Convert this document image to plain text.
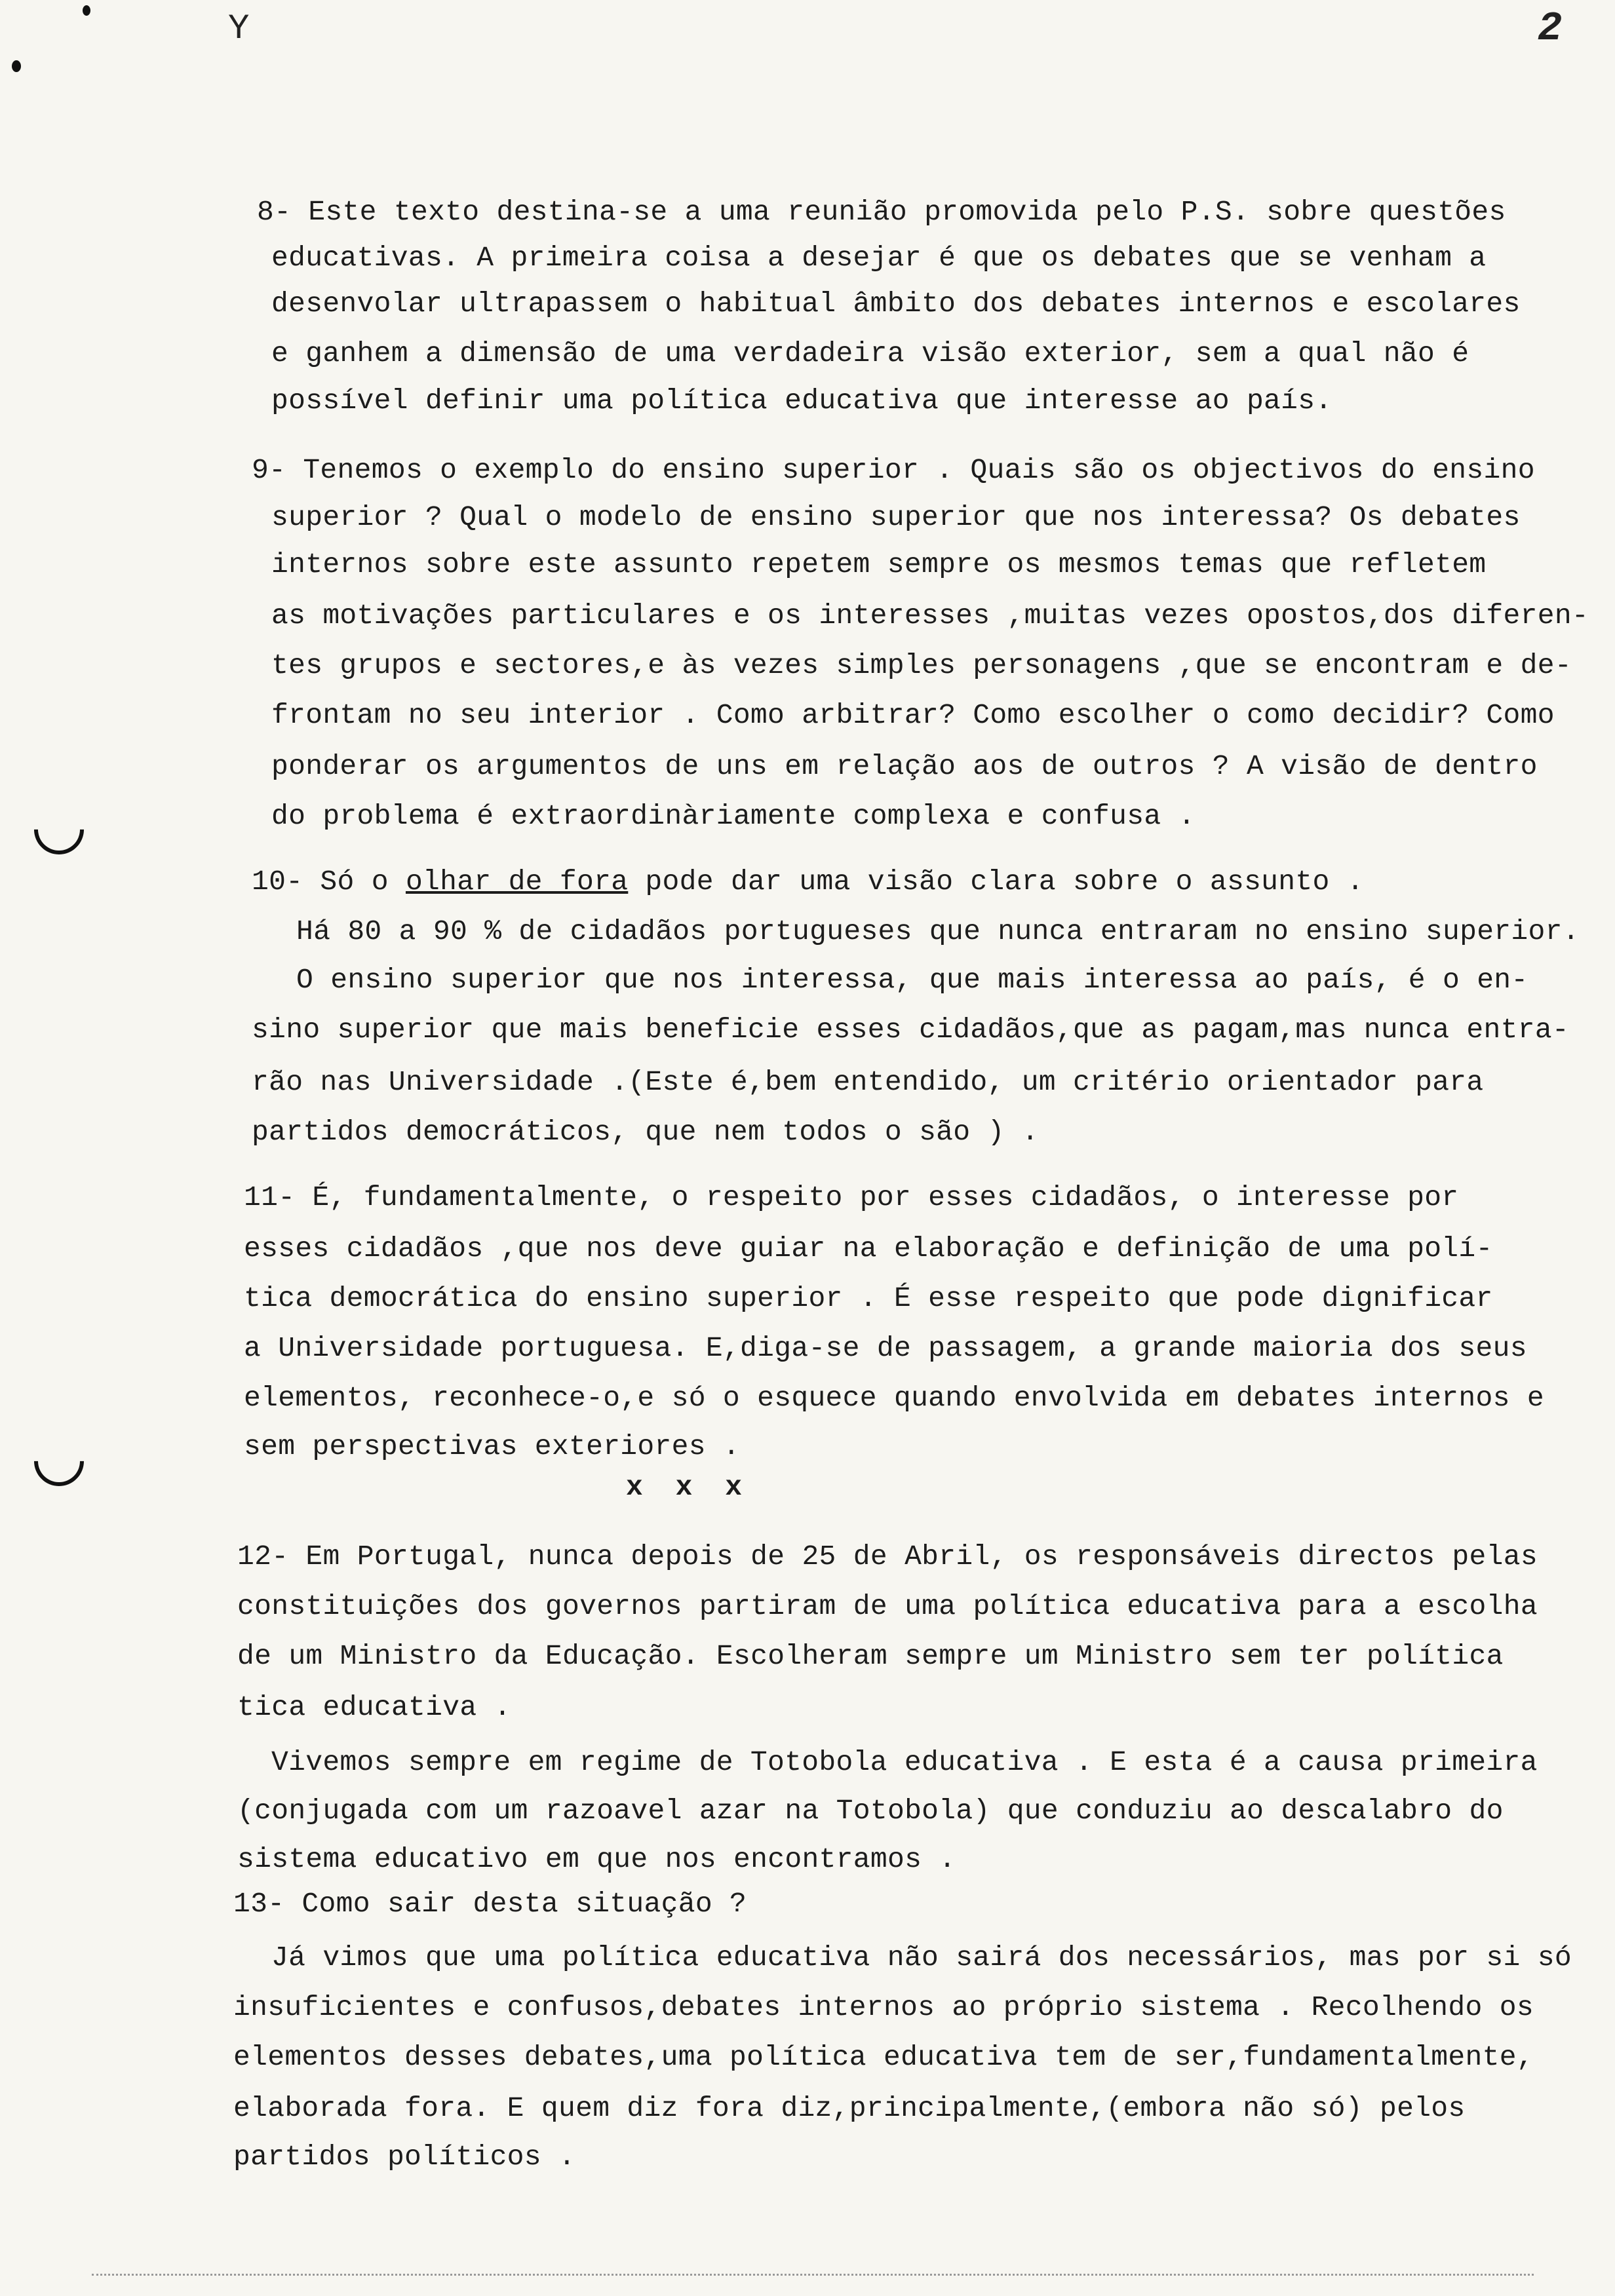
Y	2
8- Este texto destina-se a uma reunião promovida pelo P.S. sobre questões
educativas. A primeira coisa a desejar é que os debates que se venham a
desenvolar ultrapassem o habitual âmbito dos debates internos e escolares
e ganhem a dimensão de uma verdadeira visão exterior, sem a qual não é
possível definir uma política educativa que interesse ao país.
9- Tenemos o exemplo do ensino superior . Quais são os objectivos do ensino
superior ? Qual o modelo de ensino superior que nos interessa? Os debates
internos sobre este assunto repetem sempre os mesmos temas que refletem
as motivações particulares e os interesses ,muitas vezes opostos,dos diferen-
tes grupos e sectores,e às vezes simples personagens ,que se encontram e de-
frontam no seu interior . Como arbitrar? Como escolher o como decidir? Como
ponderar os argumentos de uns em relação aos de outros ? A visão de dentro
do problema é extraordinàriamente complexa e confusa .
10- Só o olhar de fora pode dar uma visão clara sobre o assunto .
Há 80 a 90 % de cidadãos portugueses que nunca entraram no ensino superior.
O ensino superior que nos interessa, que mais interessa ao país, é o en-
sino superior que mais beneficie esses cidadãos,que as pagam,mas nunca entra-
rão nas Universidade .(Este é,bem entendido, um critério orientador para
partidos democráticos, que nem todos o são ) .
11- É, fundamentalmente, o respeito por esses cidadãos, o interesse por
esses cidadãos ,que nos deve guiar na elaboração e definição de uma polí-
tica democrática do ensino superior . É esse respeito que pode dignificar
a Universidade portuguesa. E,diga-se de passagem, a grande maioria dos seus
elementos, reconhece-o,e só o esquece quando envolvida em debates internos e
sem perspectivas exteriores .
x x x
12- Em Portugal, nunca depois de 25 de Abril, os responsáveis directos pelas
constituições dos governos partiram de uma política educativa para a escolha
de um Ministro da Educação. Escolheram sempre um Ministro sem ter política
tica educativa .
Vivemos sempre em regime de Totobola educativa . E esta é a causa primeira
(conjugada com um razoavel azar na Totobola) que conduziu ao descalabro do
sistema educativo em que nos encontramos .
13- Como sair desta situação ?
Já vimos que uma política educativa não sairá dos necessários, mas por si só
insuficientes e confusos,debates internos ao próprio sistema . Recolhendo os
elementos desses debates,uma política educativa tem de ser,fundamentalmente,
elaborada fora. E quem diz fora diz,principalmente,(embora não só) pelos
partidos políticos .
